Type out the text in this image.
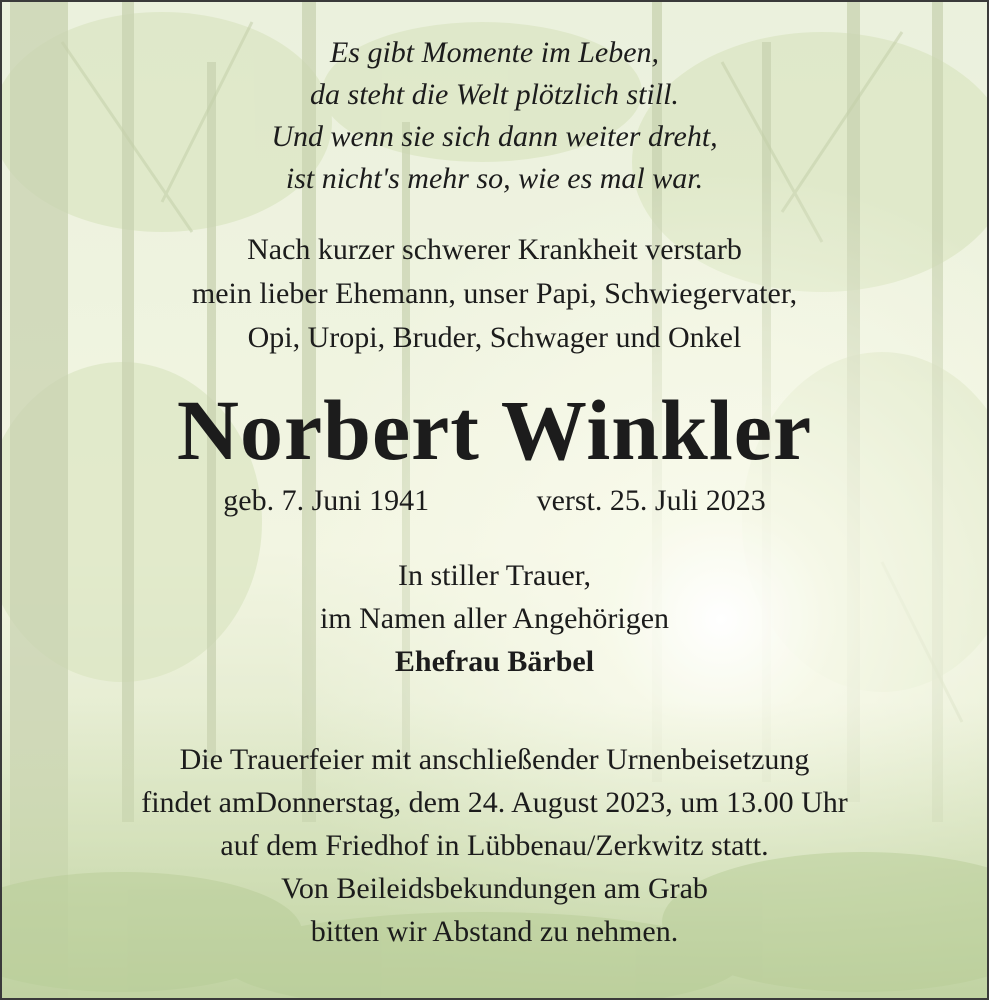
Es gibt Momente im Leben,
da steht die Welt plötzlich still.
Und wenn sie sich dann weiter dreht,
ist nicht's mehr so, wie es mal war.
Nach kurzer schwerer Krankheit verstarb
mein lieber Ehemann, unser Papi, Schwiegervater,
Opi, Uropi, Bruder, Schwager und Onkel
Norbert Winkler
geb. 7. Juni 1941	verst. 25. Juli 2023
In stiller Trauer,
im Namen aller Angehörigen
Ehefrau Bärbel
Die Trauerfeier mit anschließender Urnenbeisetzung
findet amDonnerstag, dem 24. August 2023, um 13.00 Uhr
auf dem Friedhof in Lübbenau/Zerkwitz statt.
Von Beileidsbekundungen am Grab
bitten wir Abstand zu nehmen.
